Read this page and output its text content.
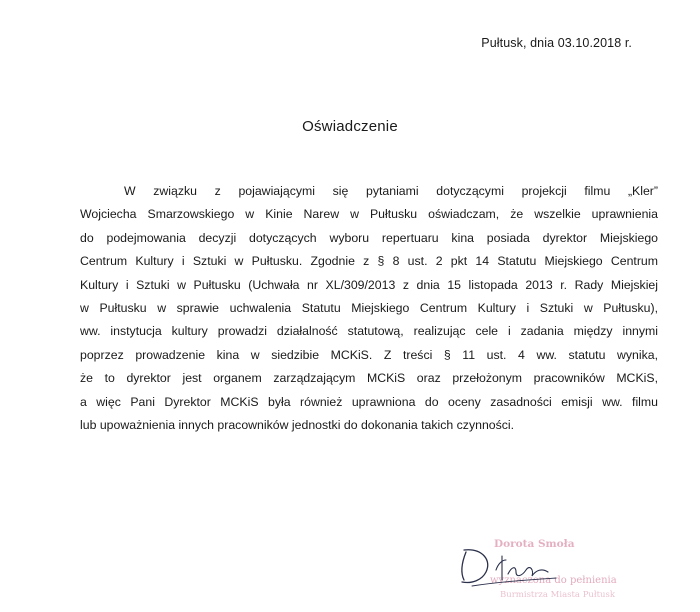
Pułtusk, dnia 03.10.2018 r.
Oświadczenie
W związku z pojawiającymi się pytaniami dotyczącymi projekcji filmu „Kler”
Wojciecha Smarzowskiego w Kinie Narew w Pułtusku oświadczam, że wszelkie uprawnienia
do podejmowania decyzji dotyczących wyboru repertuaru kina posiada dyrektor Miejskiego
Centrum Kultury i Sztuki w Pułtusku. Zgodnie z § 8 ust. 2 pkt 14 Statutu Miejskiego Centrum
Kultury i Sztuki w Pułtusku (Uchwała nr XL/309/2013 z dnia 15 listopada 2013 r. Rady Miejskiej
w Pułtusku w sprawie uchwalenia Statutu Miejskiego Centrum Kultury i Sztuki w Pułtusku),
ww. instytucja kultury prowadzi działalność statutową, realizując cele i zadania między innymi
poprzez prowadzenie kina w siedzibie MCKiS. Z treści § 11 ust. 4 ww. statutu wynika,
że to dyrektor jest organem zarządzającym MCKiS oraz przełożonym pracowników MCKiS,
a więc Pani Dyrektor MCKiS była również uprawniona do oceny zasadności emisji ww. filmu
lub upoważnienia innych pracowników jednostki do dokonania takich czynności.
Dorota Smoła
wyznaczona do pełnienia
Burmistrza Miasta Pułtusk
